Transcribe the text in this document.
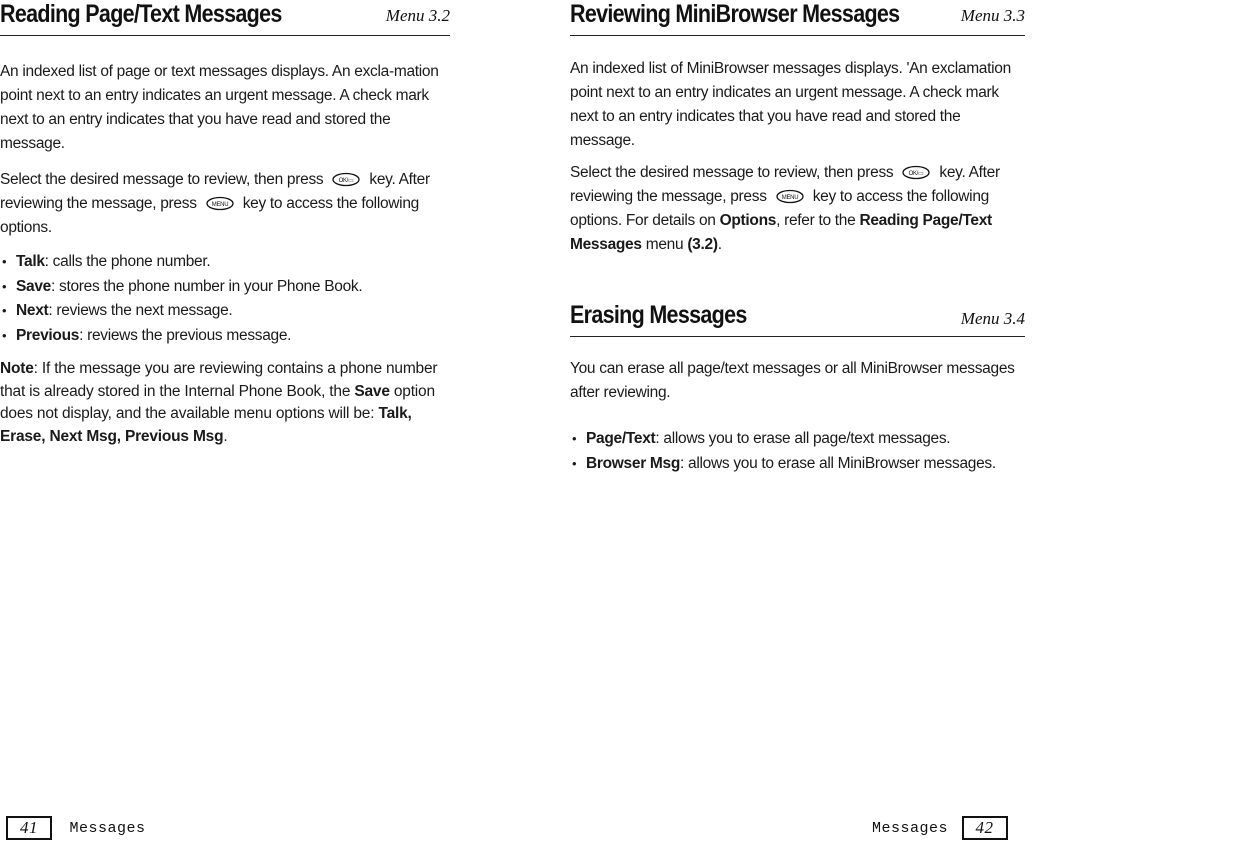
Reading Page/Text Messages	Menu 3.2

An indexed list of page or text messages displays. An excla-mation point next to an entry indicates an urgent message. A check mark next to an entry indicates that you have read and stored the message.

Select the desired message to review, then press	OK/▭ key. After reviewing the message, press MENU key to access the following options.

• Talk: calls the phone number.
• Save: stores the phone number in your Phone Book.
• Next: reviews the next message.
• Previous: reviews the previous message.
Note: If the message you are reviewing contains a phone number that is already stored in the Internal Phone Book, the Save option does not display, and the available menu options will be: Talk, Erase, Next Msg, Previous Msg.
Reviewing MiniBrowser Messages	Menu 3.3

An indexed list of MiniBrowser messages displays. 'An exclamation point next to an entry indicates an urgent message. A check mark next to an entry indicates that you have read and stored the message.

Select the desired message to review, then press	OK/▭ key. After reviewing the message, press MENU key to access the following options. For details on Options, refer to the Reading Page/Text Messages menu (3.2).

Erasing Messages	Menu 3.4

You can erase all page/text messages or all MiniBrowser messages after reviewing.

• Page/Text: allows you to erase all page/text messages.
• Browser Msg: allows you to erase all MiniBrowser messages.
41 Messages	Messages 42
